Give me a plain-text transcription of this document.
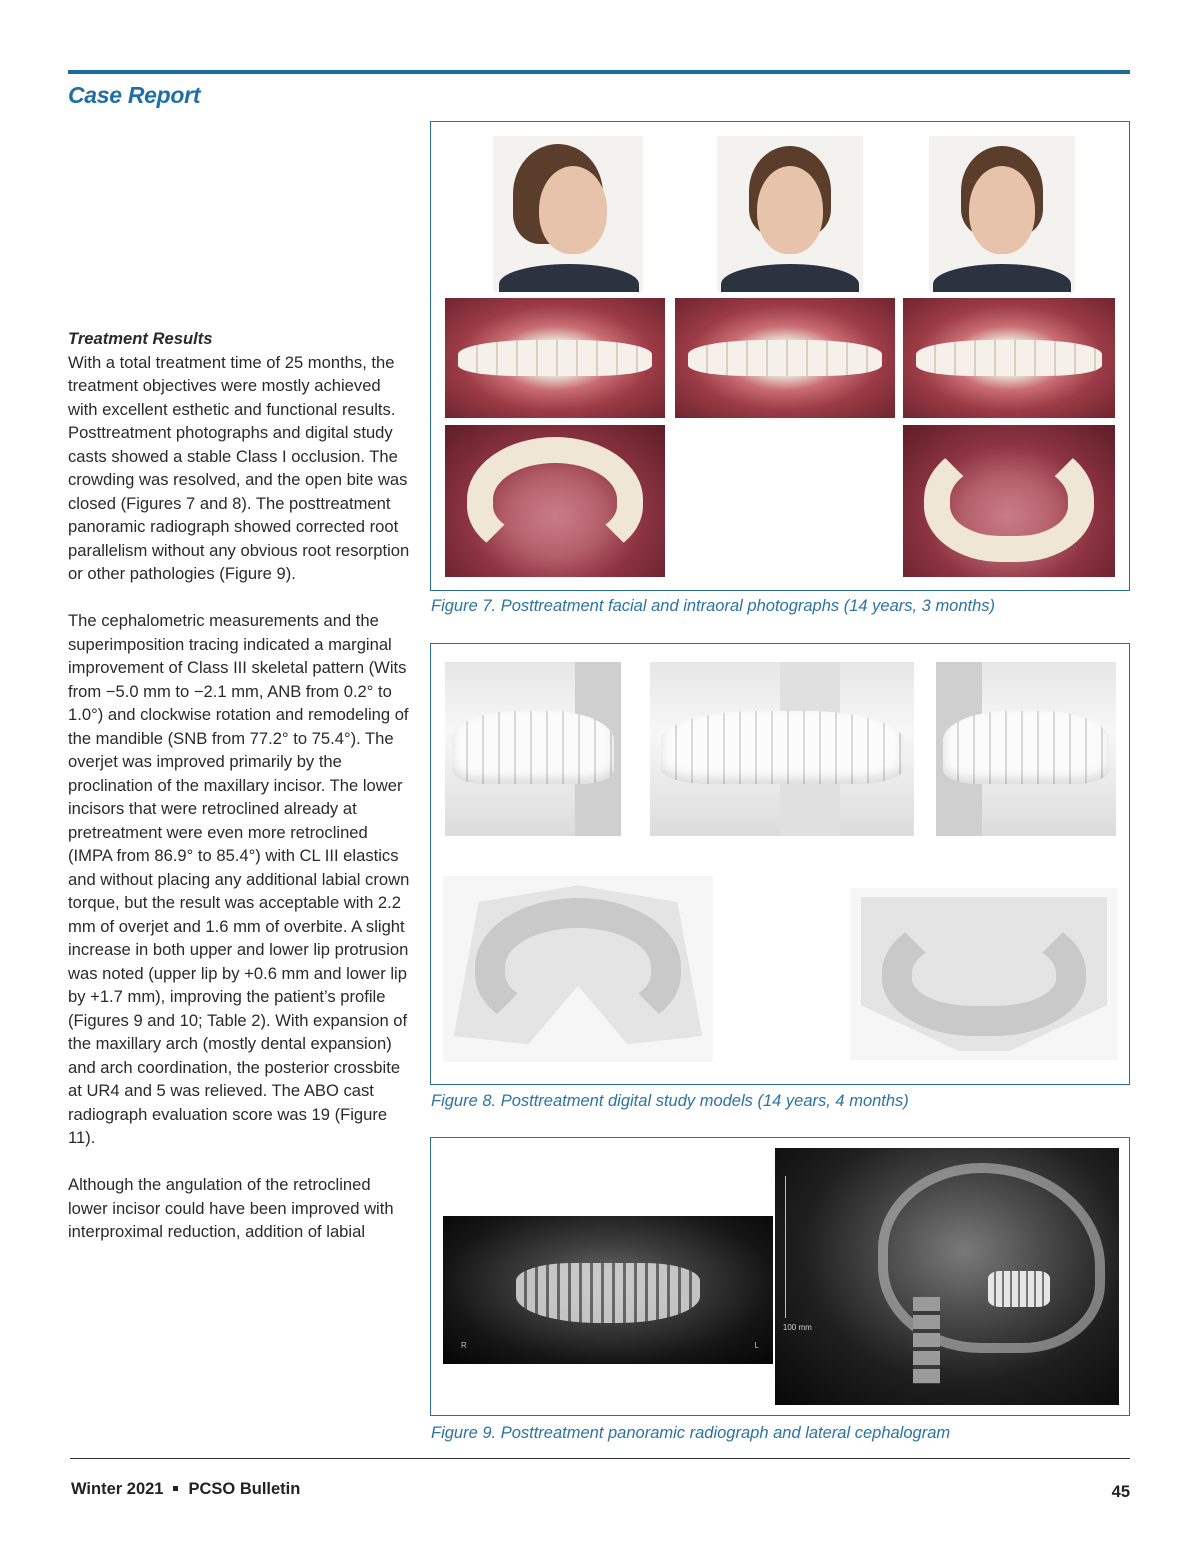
Case Report

Treatment Results

With a total treatment time of 25 months, the treatment objectives were mostly achieved with excellent esthetic and functional results. Posttreatment photographs and digital study casts showed a stable Class I occlusion. The crowding was resolved, and the open bite was closed (Figures 7 and 8). The posttreatment panoramic radiograph showed corrected root parallelism without any obvious root resorption or other pathologies (Figure 9).

The cephalometric measurements and the superimposition tracing indicated a marginal improvement of Class III skeletal pattern (Wits from −5.0 mm to −2.1 mm, ANB from 0.2° to 1.0°) and clockwise rotation and remodeling of the mandible (SNB from 77.2° to 75.4°). The overjet was improved primarily by the proclination of the maxillary incisor. The lower incisors that were retroclined already at pretreatment were even more retroclined (IMPA from 86.9° to 85.4°) with CL III elastics and without placing any additional labial crown torque, but the result was acceptable with 2.2 mm of overjet and 1.6 mm of overbite. A slight increase in both upper and lower lip protrusion was noted (upper lip by +0.6 mm and lower lip by +1.7 mm), improving the patient’s profile (Figures 9 and 10; Table 2). With expansion of the maxillary arch (mostly dental expansion) and arch coordination, the posterior crossbite at UR4 and 5 was relieved. The ABO cast radiograph evaluation score was 19 (Figure 11).

Although the angulation of the retroclined lower incisor could have been improved with interproximal reduction, addition of labial

Figure 7. Posttreatment facial and intraoral photographs (14 years, 3 months)
Figure 8. Posttreatment digital study models (14 years, 4 months)
R	L
100 mm
Figure 9. Posttreatment panoramic radiograph and lateral cephalogram
Winter 2021 PCSO Bulletin	45
